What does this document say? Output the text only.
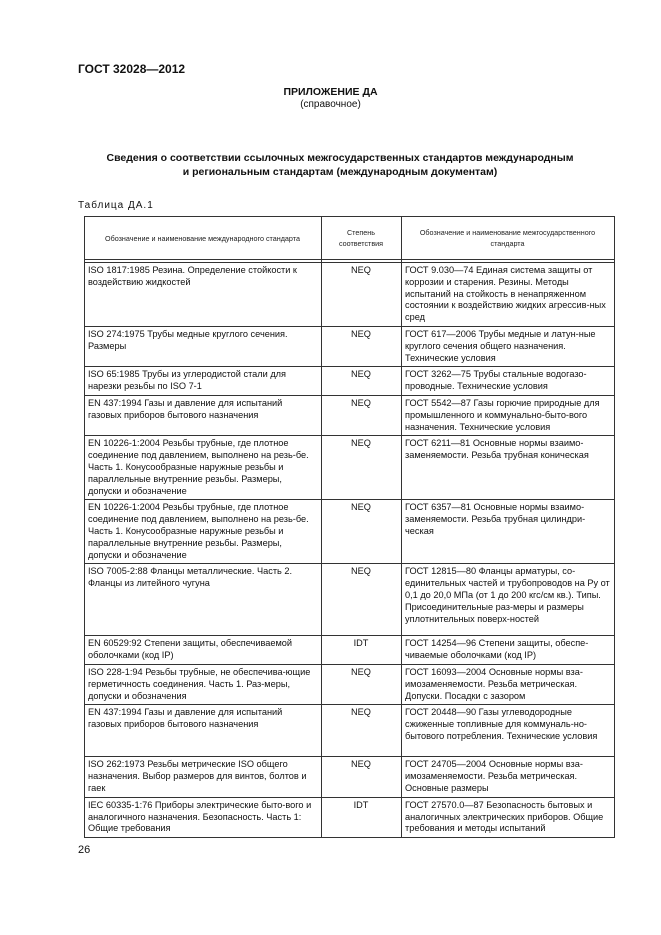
ГОСТ 32028—2012
ПРИЛОЖЕНИЕ ДА
(справочное)
Сведения о соответствии ссылочных межгосударственных стандартов международным
и региональным стандартам (международным документам)
Таблица ДА.1
Обозначение и наименование международного стандарта	Степень соответствия	Обозначение и наименование межгосударственного стандарта

ISO 1817:1985 Резина. Определение стойкости к воздействию жидкостей	NEQ	ГОСТ 9.030—74 Единая система защиты от коррозии и старения. Резины. Методы испытаний на стойкость в ненапряженном состоянии к воздействию жидких агрессив-ных сред
ISO 274:1975 Трубы медные круглого сечения. Размеры	NEQ	ГОСТ 617—2006 Трубы медные и латун-ные круглого сечения общего назначения. Технические условия
ISO 65:1985 Трубы из углеродистой стали для нарезки резьбы по ISO 7-1	NEQ	ГОСТ 3262—75 Трубы стальные водогазо-проводные. Технические условия
EN 437:1994 Газы и давление для испытаний газовых приборов бытового назначения	NEQ	ГОСТ 5542—87 Газы горючие природные для промышленного и коммунально-быто-вого назначения. Технические условия
EN 10226-1:2004 Резьбы трубные, где плотное соединение под давлением, выполнено на резь-бе. Часть 1. Конусообразные наружные резьбы и параллельные внутренние резьбы. Размеры, допуски и обозначение	NEQ	ГОСТ 6211—81 Основные нормы взаимо-заменяемости. Резьба трубная коническая
EN 10226-1:2004 Резьбы трубные, где плотное соединение под давлением, выполнено на резь-бе. Часть 1. Конусообразные наружные резьбы и параллельные внутренние резьбы. Размеры, допуски и обозначение	NEQ	ГОСТ 6357—81 Основные нормы взаимо-заменяемости. Резьба трубная цилиндри-ческая
ISO 7005-2:88 Фланцы металлические. Часть 2. Фланцы из литейного чугуна	NEQ	ГОСТ 12815—80 Фланцы арматуры, со-единительных частей и трубопроводов на Ру от 0,1 до 20,0 МПа (от 1 до 200 кгс/см кв.). Типы. Присоединительные раз-меры и размеры уплотнительных поверх-ностей
EN 60529:92 Степени защиты, обеспечиваемой оболочками (код IP)	IDT	ГОСТ 14254—96 Степени защиты, обеспе-чиваемые оболочками (код IP)
ISO 228-1:94 Резьбы трубные, не обеспечива-ющие герметичность соединения. Часть 1. Раз-меры, допуски и обозначения	NEQ	ГОСТ 16093—2004 Основные нормы вза-имозаменяемости. Резьба метрическая. Допуски. Посадки с зазором
EN 437:1994 Газы и давление для испытаний газовых приборов бытового назначения	NEQ	ГОСТ 20448—90 Газы углеводородные сжиженные топливные для коммуналь-но-бытового потребления. Технические условия
ISO 262:1973 Резьбы метрические ISO общего назначения. Выбор размеров для винтов, болтов и гаек	NEQ	ГОСТ 24705—2004 Основные нормы вза-имозаменяемости. Резьба метрическая. Основные размеры
IEC 60335-1:76 Приборы электрические быто-вого и аналогичного назначения. Безопасность. Часть 1: Общие требования	IDT	ГОСТ 27570.0—87 Безопасность бытовых и аналогичных электрических приборов. Общие требования и методы испытаний
26
